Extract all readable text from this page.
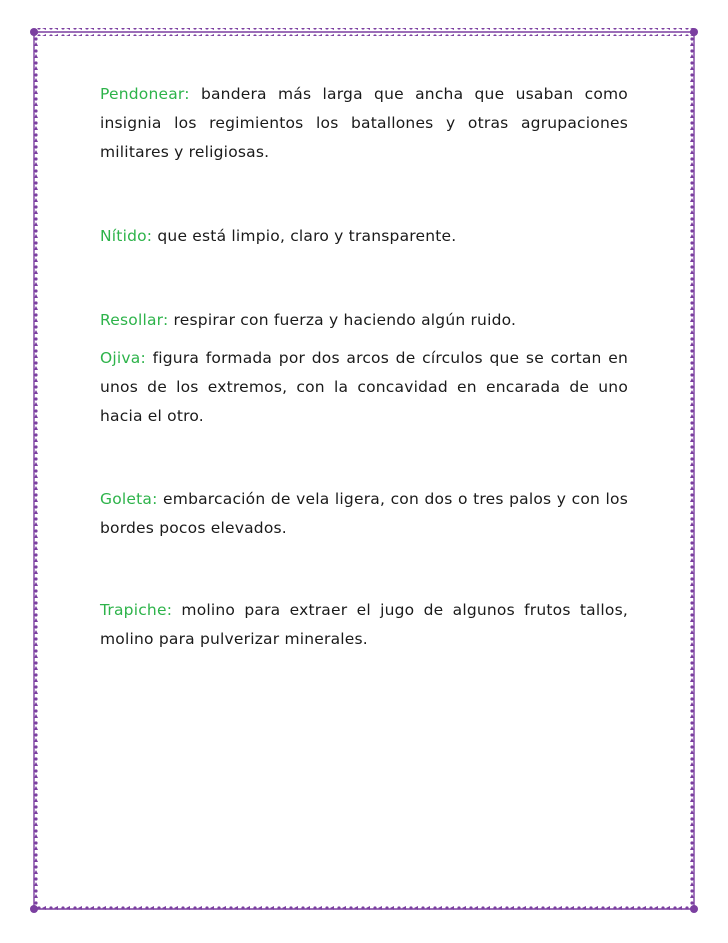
Pendonear: bandera más larga que ancha que usaban como insignia los regimientos los batallones y otras agrupaciones militares y religiosas.

Nítido: que está limpio, claro y transparente.

Resollar: respirar con fuerza y haciendo algún ruido.

Ojiva: figura formada por dos arcos de círculos que se cortan en unos de los extremos, con la concavidad en encarada de uno hacia el otro.

Goleta: embarcación de vela ligera, con dos o tres palos y con los bordes pocos elevados.

Trapiche: molino para extraer el jugo de algunos frutos tallos, molino para pulverizar minerales.
